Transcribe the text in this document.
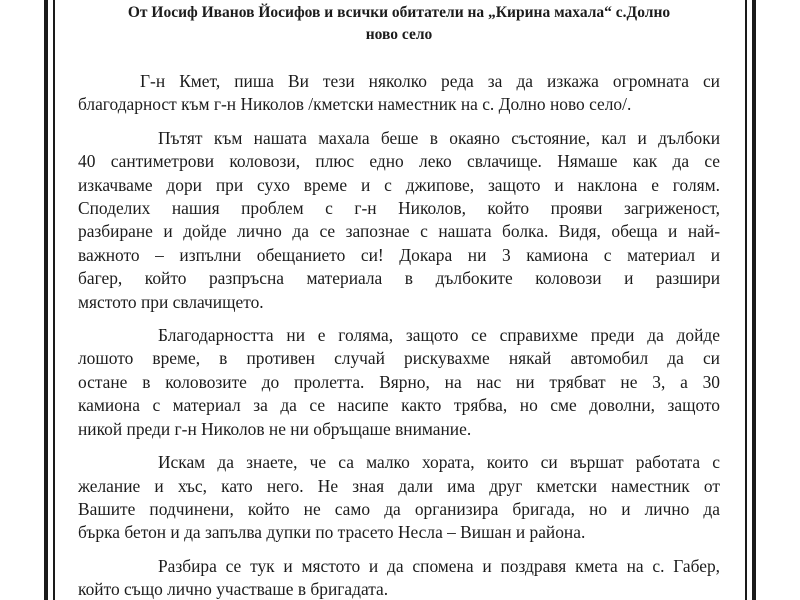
От Иосиф Иванов Йосифов и всички обитатели на „Кирина махала“ с.Долно
ново село

Г-н Кмет, пиша Ви тези няколко реда за да изкажа огромната си
благодарност към г-н Николов /кметски наместник на с. Долно ново село/.

Пътят към нашата махала беше в окаяно състояние, кал и дълбоки
40 сантиметрови коловози, плюс едно леко свлачище. Нямаше как да се
изкачваме дори при сухо време и с джипове, защото и наклона е голям.
Споделих нашия проблем с г-н Николов, който прояви загриженост,
разбиране и дойде лично да се запознае с нашата болка. Видя, обеща и най-
важното – изпълни обещанието си! Докара ни 3 камиона с материал и
багер, който разпръсна материала в дълбоките коловози и разшири
мястото при свлачището.

Благодарността ни е голяма, защото се справихме преди да дойде
лошото време, в противен случай рискувахме някай автомобил да си
остане в коловозите до пролетта. Вярно, на нас ни трябват не 3, а 30
камиона с материал за да се насипе както трябва, но сме доволни, защото
никой преди г-н Николов не ни обръщаше внимание.

Искам да знаете, че са малко хората, които си вършат работата с
желание и хъс, като него. Не зная дали има друг кметски наместник от
Вашите подчинени, който не само да организира бригада, но и лично да
бърка бетон и да запълва дупки по трасето Несла – Вишан и района.

Разбира се тук и мястото и да спомена и поздравя кмета на с. Габер,
който също лично участваше в бригадата.
